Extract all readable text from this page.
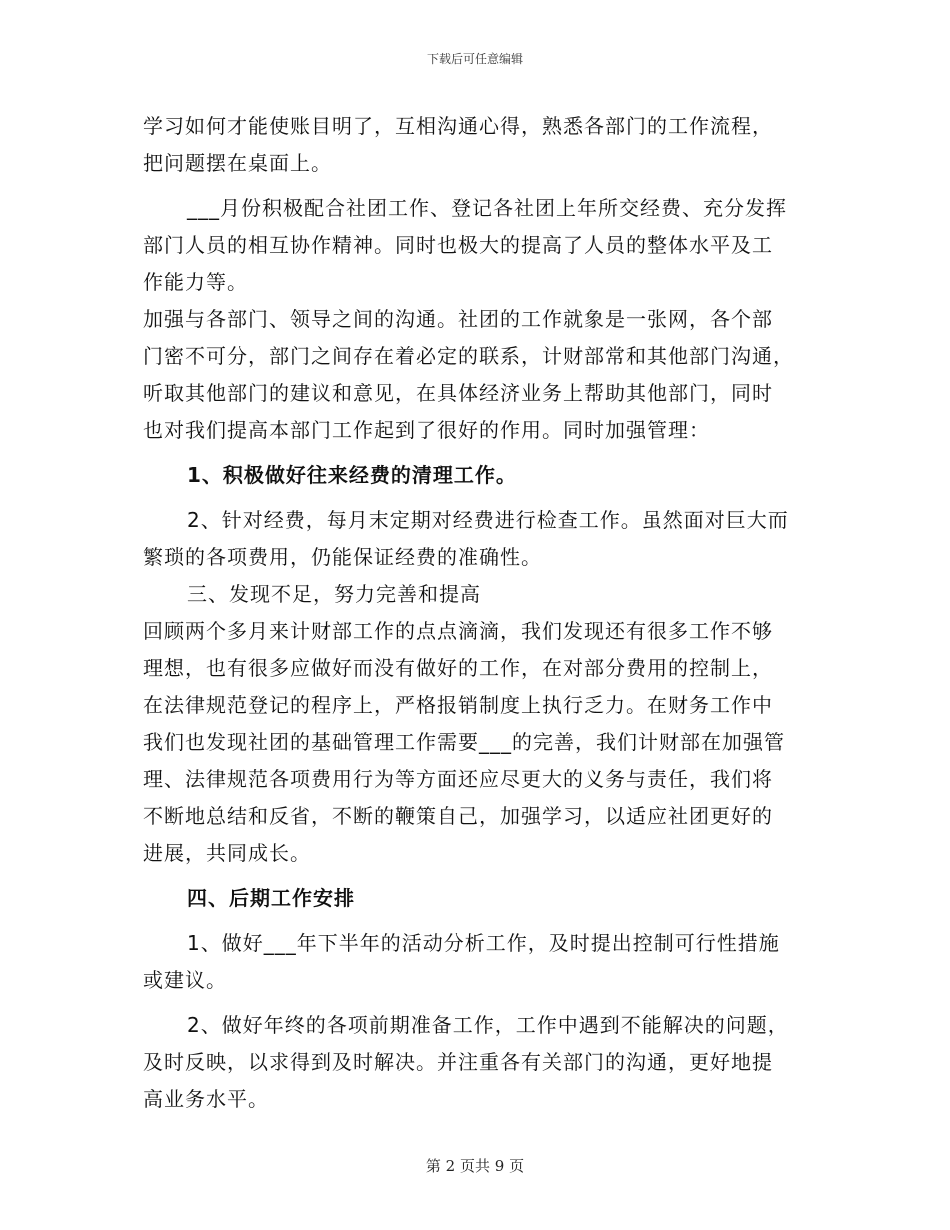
下载后可任意编辑
学习如何才能使账目明了，互相沟通心得，熟悉各部门的工作流程，
把问题摆在桌面上。
___月份积极配合社团工作、登记各社团上年所交经费、充分发挥
部门人员的相互协作精神。同时也极大的提高了人员的整体水平及工
作能力等。
加强与各部门、领导之间的沟通。社团的工作就象是一张网，各个部
门密不可分，部门之间存在着必定的联系，计财部常和其他部门沟通，
听取其他部门的建议和意见，在具体经济业务上帮助其他部门，同时
也对我们提高本部门工作起到了很好的作用。同时加强管理：
1、积极做好往来经费的清理工作。
2、针对经费，每月末定期对经费进行检查工作。虽然面对巨大而
繁琐的各项费用，仍能保证经费的准确性。
三、发现不足，努力完善和提高
回顾两个多月来计财部工作的点点滴滴，我们发现还有很多工作不够
理想，也有很多应做好而没有做好的工作，在对部分费用的控制上，
在法律规范登记的程序上，严格报销制度上执行乏力。在财务工作中
我们也发现社团的基础管理工作需要___的完善，我们计财部在加强管
理、法律规范各项费用行为等方面还应尽更大的义务与责任，我们将
不断地总结和反省，不断的鞭策自己，加强学习，以适应社团更好的
进展，共同成长。
四、后期工作安排
1、做好___年下半年的活动分析工作，及时提出控制可行性措施
或建议。
2、做好年终的各项前期准备工作，工作中遇到不能解决的问题，
及时反映，以求得到及时解决。并注重各有关部门的沟通，更好地提
高业务水平。
第 2 页共 9 页
